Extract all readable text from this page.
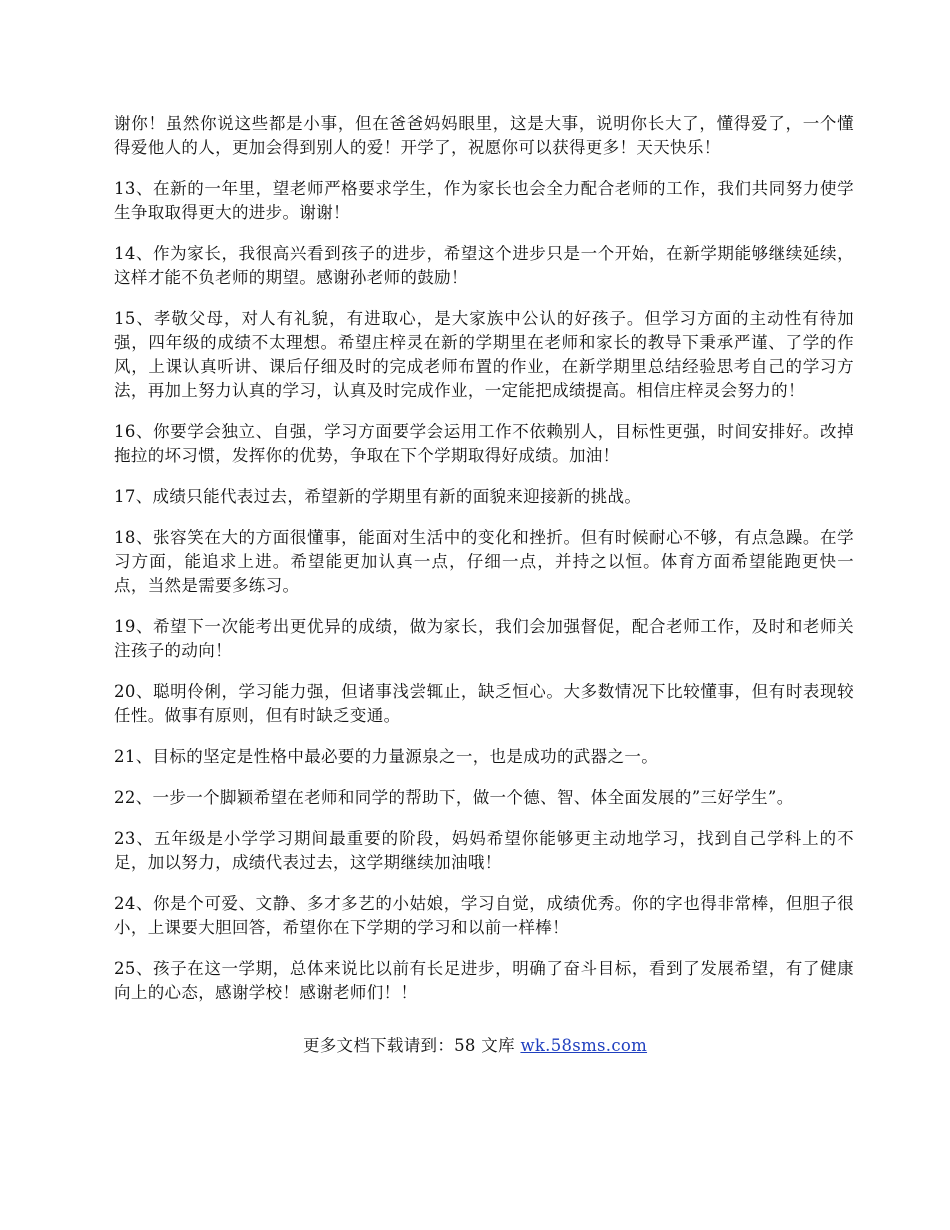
谢你！虽然你说这些都是小事，但在爸爸妈妈眼里，这是大事，说明你长大了，懂得爱了，一个懂得爱他人的人，更加会得到别人的爱！开学了，祝愿你可以获得更多！天天快乐！

13、在新的一年里，望老师严格要求学生，作为家长也会全力配合老师的工作，我们共同努力使学生争取取得更大的进步。谢谢！

14、作为家长，我很高兴看到孩子的进步，希望这个进步只是一个开始，在新学期能够继续延续，这样才能不负老师的期望。感谢孙老师的鼓励！

15、孝敬父母，对人有礼貌，有进取心，是大家族中公认的好孩子。但学习方面的主动性有待加强，四年级的成绩不太理想。希望庄梓灵在新的学期里在老师和家长的教导下秉承严谨、了学的作风，上课认真听讲、课后仔细及时的完成老师布置的作业，在新学期里总结经验思考自己的学习方法，再加上努力认真的学习，认真及时完成作业，一定能把成绩提高。相信庄梓灵会努力的！

16、你要学会独立、自强，学习方面要学会运用工作不依赖别人，目标性更强，时间安排好。改掉拖拉的坏习惯，发挥你的优势，争取在下个学期取得好成绩。加油！

17、成绩只能代表过去，希望新的学期里有新的面貌来迎接新的挑战。

18、张容笑在大的方面很懂事，能面对生活中的变化和挫折。但有时候耐心不够，有点急躁。在学习方面，能追求上进。希望能更加认真一点，仔细一点，并持之以恒。体育方面希望能跑更快一点，当然是需要多练习。

19、希望下一次能考出更优异的成绩，做为家长，我们会加强督促，配合老师工作，及时和老师关注孩子的动向！

20、聪明伶俐，学习能力强，但诸事浅尝辄止，缺乏恒心。大多数情况下比较懂事，但有时表现较任性。做事有原则，但有时缺乏变通。

21、目标的坚定是性格中最必要的力量源泉之一，也是成功的武器之一。

22、一步一个脚颖希望在老师和同学的帮助下，做一个德、智、体全面发展的”三好学生”。

23、五年级是小学学习期间最重要的阶段，妈妈希望你能够更主动地学习，找到自己学科上的不足，加以努力，成绩代表过去，这学期继续加油哦！

24、你是个可爱、文静、多才多艺的小姑娘，学习自觉，成绩优秀。你的字也得非常棒，但胆子很小，上课要大胆回答，希望你在下学期的学习和以前一样棒！

25、孩子在这一学期，总体来说比以前有长足进步，明确了奋斗目标，看到了发展希望，有了健康向上的心态，感谢学校！感谢老师们！！

更多文档下载请到：58 文库 wk.58sms.com
